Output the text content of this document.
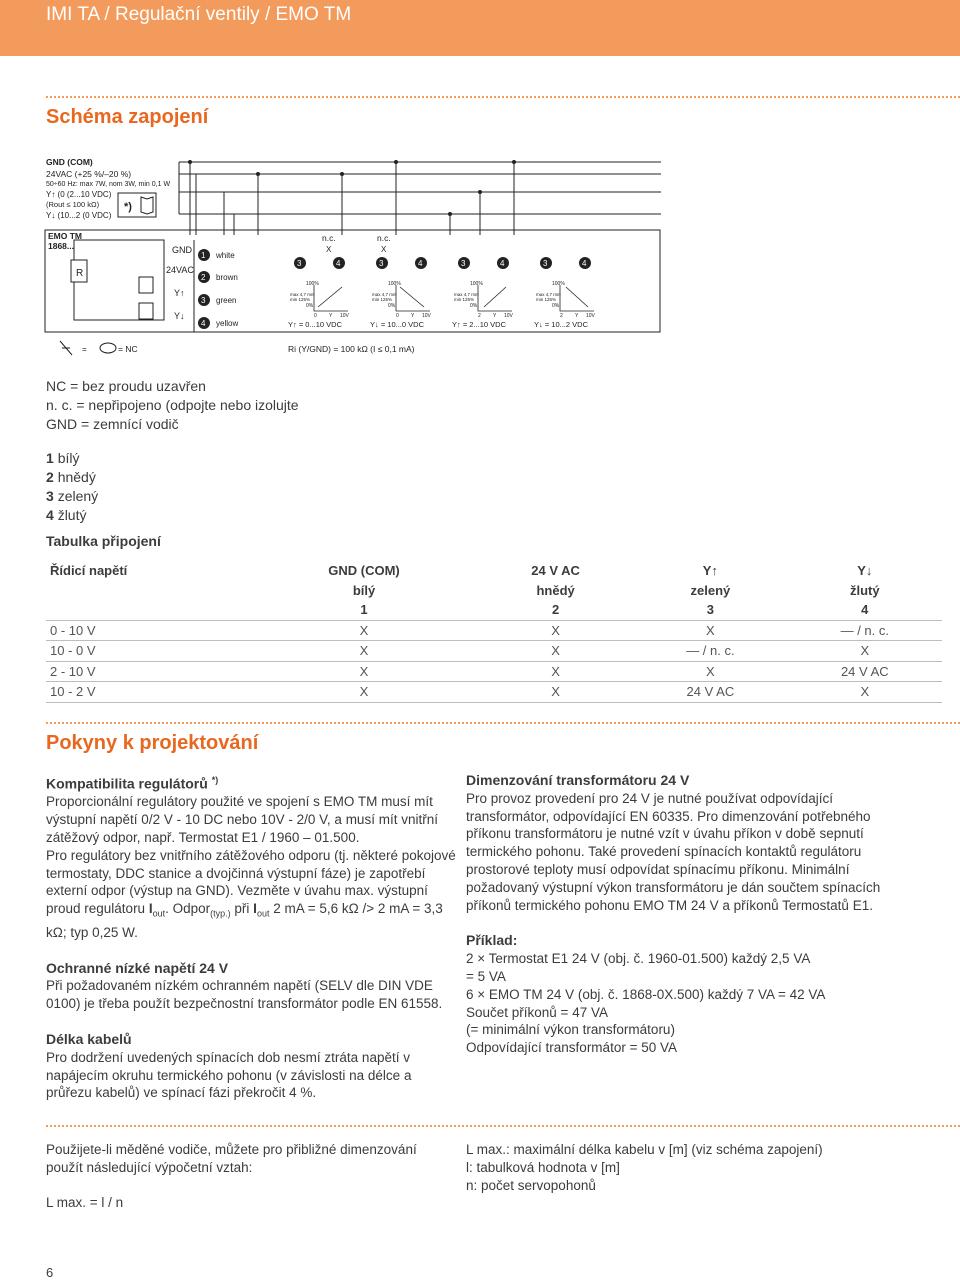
IMI TA / Regulační ventily / EMO TM
Schéma zapojení
GND (COM)
24VAC (+25 %/–20 %)
50÷60 Hz: max 7W, nom 3W, min 0,1 W
Y↑ (0 (2...10 VDC)
(Rout ≤ 100 kΩ)
Y↓ (10...2 (0 VDC)
*)
EMO TM
1868...
R
GND
24VAC
Y↑
Y↓
1
2
3
4
white
brown
green
yellow
n.c.
X
n.c.
X
3	4
100%
max 4,7 mm
min 125%
0%
0 Y 10V
Y↑ = 0...10 VDC
3	4
100%
max 4,7 mm
min 125%
0%
0 Y 10V
Y↓ = 10...0 VDC
3	4
100%
max 4,7 mm
min 125%
0%
2 Y 10V
Y↑ = 2...10 VDC
3	4
100%
max 4,7 mm
min 125%
0%
2 Y 10V
Y↓ = 10...2 VDC
=	= NC	Ri (Y/GND) = 100 kΩ (I ≤ 0,1 mA)

NC = bez proudu uzavřen

n. c. = nepřipojeno (odpojte nebo izolujte

GND = zemnící vodič

1 bílý

2 hnědý

3 zelený

4 žlutý

Tabulka připojení
Řídicí napětí	GND (COM)	24 V AC	Y↑	Y↓
	bílý	hnědý	zelený	žlutý
	1	2	3	4
0 - 10 V	X	X	X	— / n. c.
10 - 0 V	X	X	— / n. c.	X
2 - 10 V	X	X	X	24 V AC
10 - 2 V	X	X	24 V AC	X
Pokyny k projektování
Kompatibilita regulátorů *)

Proporcionální regulátory použité ve spojení s EMO TM musí mít výstupní napětí 0/2 V - 10 DC nebo 10V - 2/0 V, a musí mít vnitřní zátěžový odpor, např. Termostat E1 / 1960 – 01.500.

Pro regulátory bez vnitřního zátěžového odporu (tj. některé pokojové termostaty, DDC stanice a dvojčinná výstupní fáze) je zapotřebí externí odpor (výstup na GND). Vezměte v úvahu max. výstupní proud regulátoru $I_{out}$. Odpor$_{(typ.)}$ při $I_{out}$ 2 mA = 5,6 kΩ /> 2 mA = 3,3 kΩ; typ 0,25 W.

Ochranné nízké napětí 24 V

Při požadovaném nízkém ochranném napětí (SELV dle DIN VDE 0100) je třeba použít bezpečnostní transformátor podle EN 61558.

Délka kabelů

Pro dodržení uvedených spínacích dob nesmí ztráta napětí v napájecím okruhu termického pohonu (v závislosti na délce a průřezu kabelů) ve spínací fázi překročit 4 %.

Dimenzování transformátoru 24 V

Pro provoz provedení pro 24 V je nutné používat odpovídající transformátor, odpovídající EN 60335. Pro dimenzování potřebného příkonu transformátoru je nutné vzít v úvahu příkon v době sepnutí termického pohonu. Také provedení spínacích kontaktů regulátoru prostorové teploty musí odpovídat spínacímu příkonu. Minimální požadovaný výstupní výkon transformátoru je dán součtem spínacích příkonů termického pohonu EMO TM 24 V a příkonů Termostatů E1.

Příklad:

2 × Termostat E1 24 V (obj. č. 1960-01.500) každý 2,5 VA

= 5 VA

6 × EMO TM 24 V (obj. č. 1868-0X.500) každý 7 VA = 42 VA

Součet příkonů = 47 VA

(= minimální výkon transformátoru)

Odpovídající transformátor = 50 VA

Použijete-li měděné vodiče, můžete pro přibližné dimenzování použít následující výpočetní vztah:

L max. = l / n

L max.: maximální délka kabelu v [m] (viz schéma zapojení)

l: tabulková hodnota v [m]

n: počet servopohonů

6
